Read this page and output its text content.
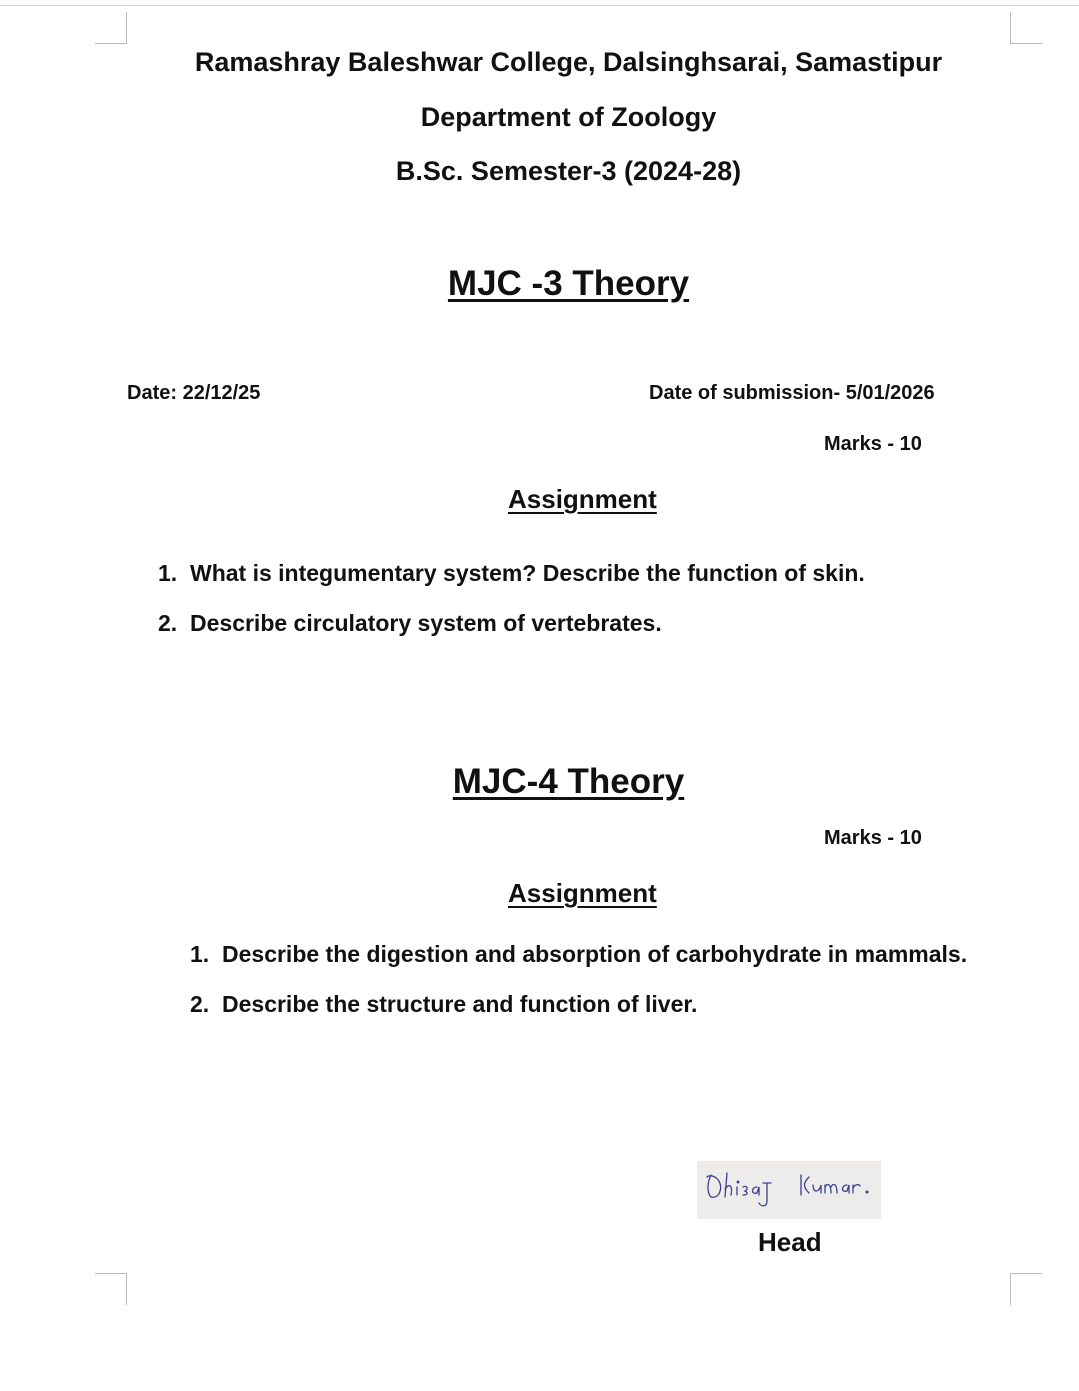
Ramashray Baleshwar College, Dalsinghsarai, Samastipur
Department of Zoology
B.Sc. Semester-3 (2024-28)
MJC -3 Theory
Date: 22/12/25	Date of submission- 5/01/2026
Marks - 10
Assignment
1. What is integumentary system? Describe the function of skin.
2. Describe circulatory system of vertebrates.
MJC-4 Theory
Marks - 10
Assignment
1. Describe the digestion and absorption of carbohydrate in mammals.
2. Describe the structure and function of liver.
Head
